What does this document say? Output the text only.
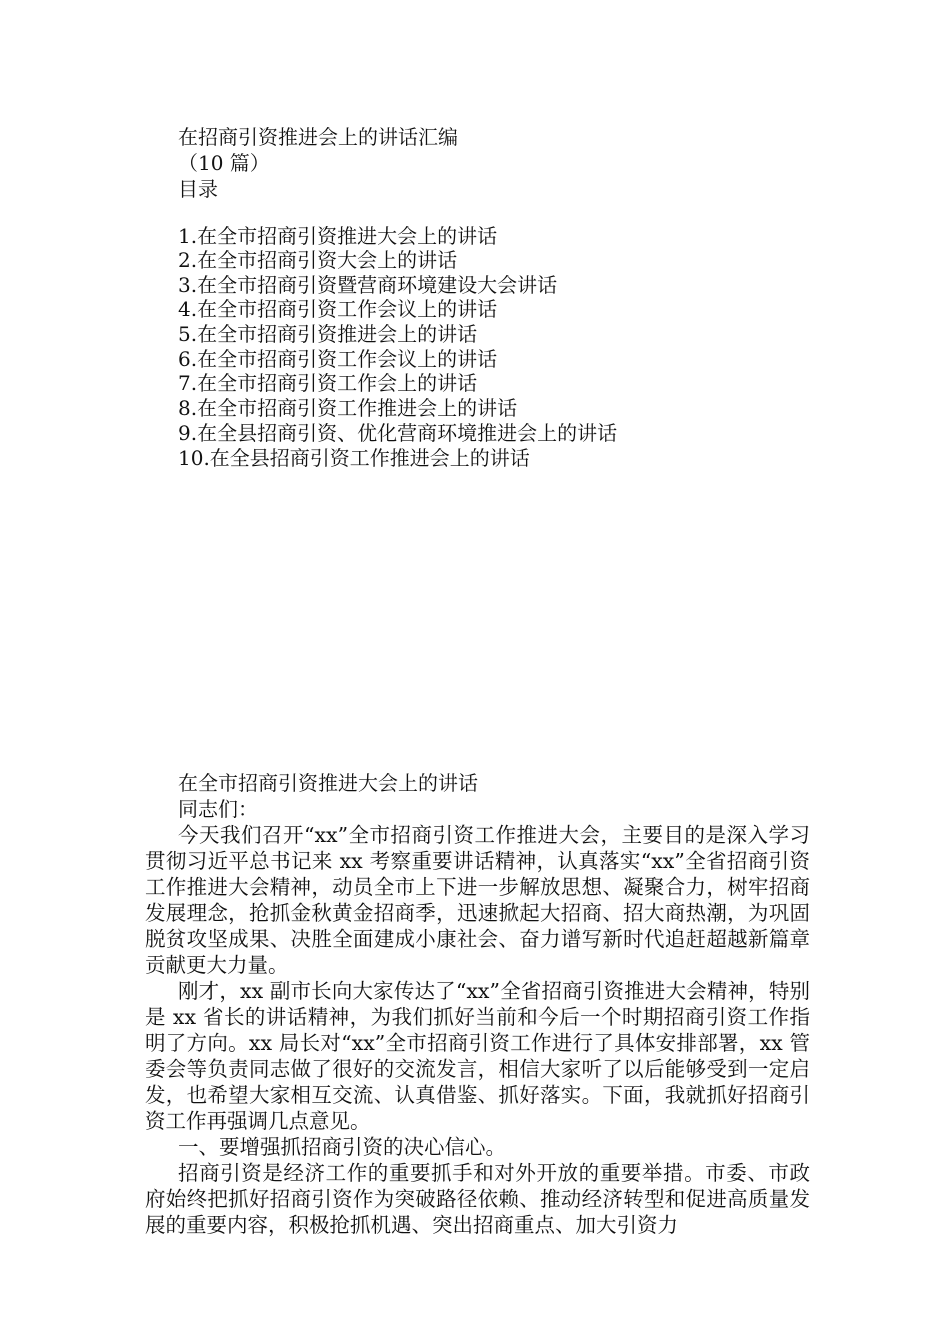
在招商引资推进会上的讲话汇编
（10 篇）
目录
1.在全市招商引资推进大会上的讲话
2.在全市招商引资大会上的讲话
3.在全市招商引资暨营商环境建设大会讲话
4.在全市招商引资工作会议上的讲话
5.在全市招商引资推进会上的讲话
6.在全市招商引资工作会议上的讲话
7.在全市招商引资工作会上的讲话
8.在全市招商引资工作推进会上的讲话
9.在全县招商引资、优化营商环境推进会上的讲话
10.在全县招商引资工作推进会上的讲话
在全市招商引资推进大会上的讲话
同志们：
今天我们召开“xx”全市招商引资工作推进大会，主要目的是深入学习贯彻习近平总书记来 xx 考察重要讲话精神，认真落实“xx”全省招商引资工作推进大会精神，动员全市上下进一步解放思想、凝聚合力，树牢招商发展理念，抢抓金秋黄金招商季，迅速掀起大招商、招大商热潮，为巩固脱贫攻坚成果、决胜全面建成小康社会、奋力谱写新时代追赶超越新篇章贡献更大力量。
刚才，xx 副市长向大家传达了“xx”全省招商引资推进大会精神，特别是 xx 省长的讲话精神，为我们抓好当前和今后一个时期招商引资工作指明了方向。xx 局长对“xx”全市招商引资工作进行了具体安排部署，xx 管委会等负责同志做了很好的交流发言，相信大家听了以后能够受到一定启发，也希望大家相互交流、认真借鉴、抓好落实。下面，我就抓好招商引资工作再强调几点意见。
一、要增强抓招商引资的决心信心。
招商引资是经济工作的重要抓手和对外开放的重要举措。市委、市政府始终把抓好招商引资作为突破路径依赖、推动经济转型和促进高质量发展的重要内容，积极抢抓机遇、突出招商重点、加大引资力
